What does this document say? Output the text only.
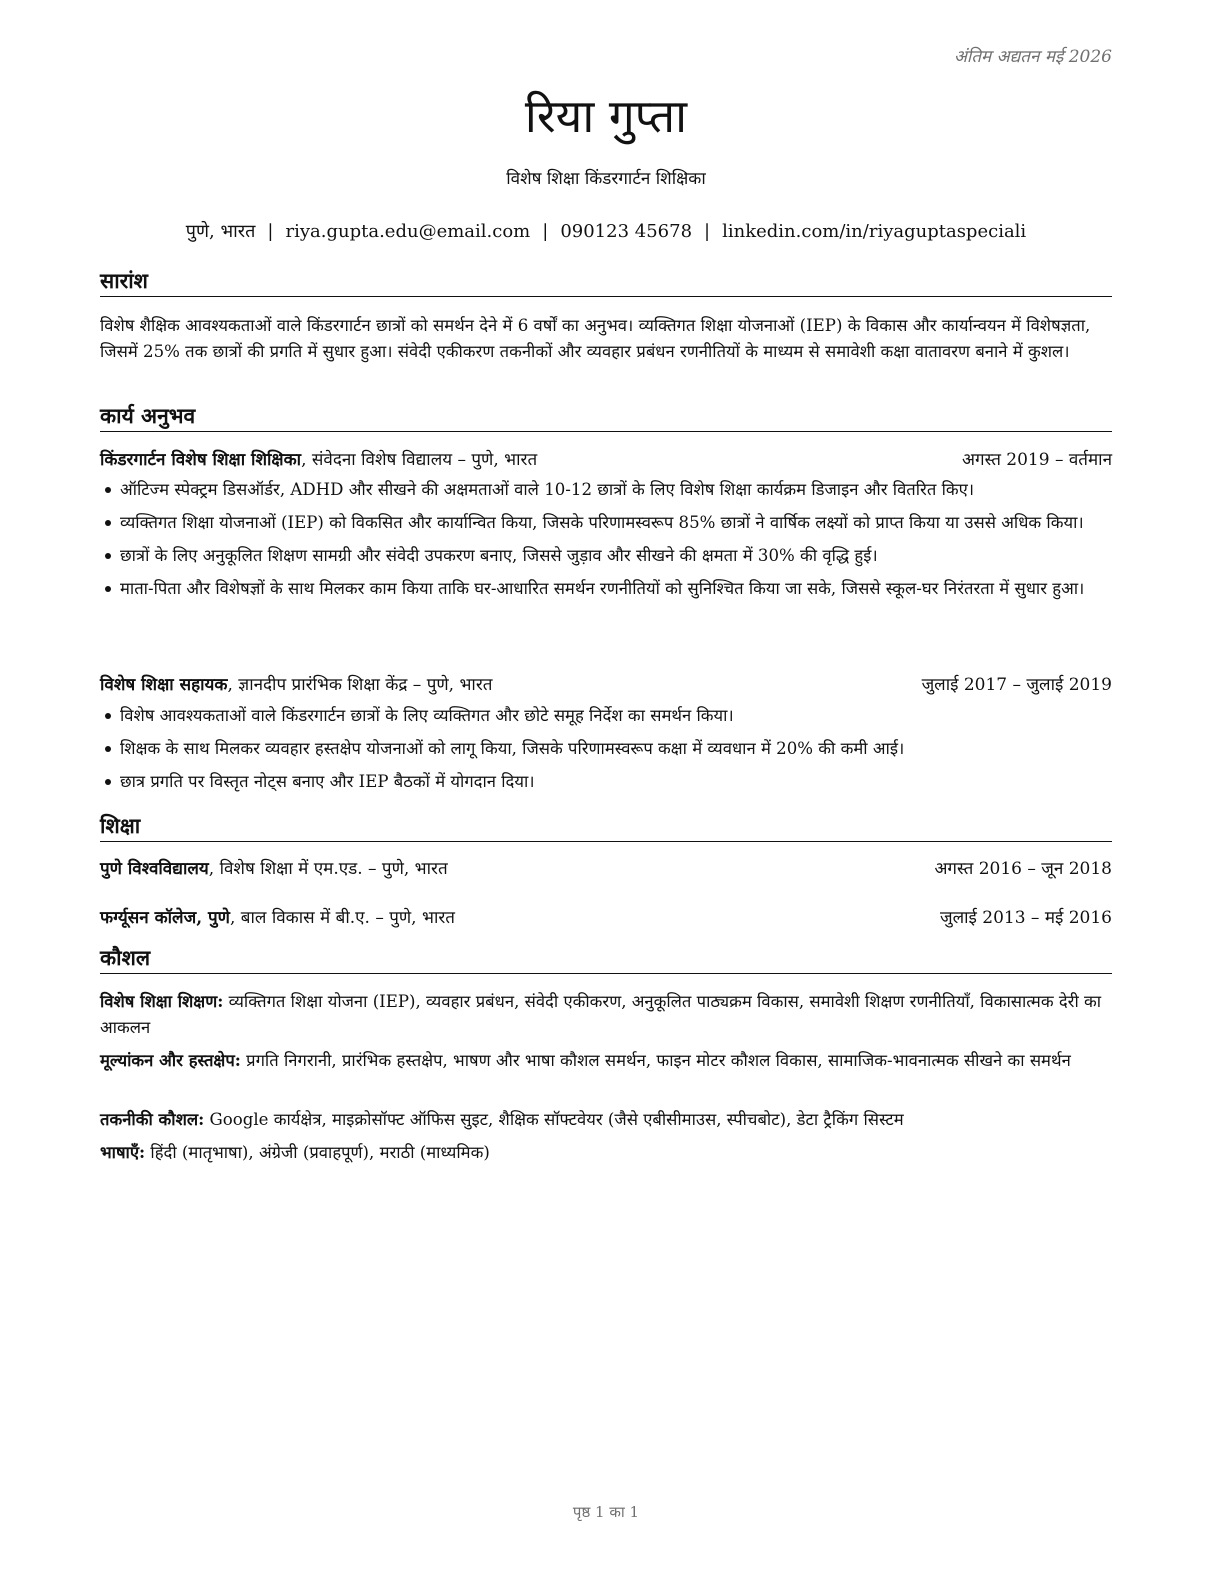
अंतिम अद्यतन मई 2026

रिया गुप्ता

विशेष शिक्षा किंडरगार्टन शिक्षिका

पुणे, भारत | riya.gupta.edu@email.com | 090123 45678 | linkedin.com/in/riyaguptaspeciali

सारांश

विशेष शैक्षिक आवश्यकताओं वाले किंडरगार्टन छात्रों को समर्थन देने में 6 वर्षों का अनुभव। व्यक्तिगत शिक्षा योजनाओं (IEP) के विकास और कार्यान्वयन में विशेषज्ञता, जिसमें 25% तक छात्रों की प्रगति में सुधार हुआ। संवेदी एकीकरण तकनीकों और व्यवहार प्रबंधन रणनीतियों के माध्यम से समावेशी कक्षा वातावरण बनाने में कुशल।

कार्य अनुभव
किंडरगार्टन विशेष शिक्षा शिक्षिका, संवेदना विशेष विद्यालय – पुणे, भारत	अगस्त 2019 – वर्तमान
ऑटिज्म स्पेक्ट्रम डिसऑर्डर, ADHD और सीखने की अक्षमताओं वाले 10-12 छात्रों के लिए विशेष शिक्षा कार्यक्रम डिजाइन और वितरित किए।
व्यक्तिगत शिक्षा योजनाओं (IEP) को विकसित और कार्यान्वित किया, जिसके परिणामस्वरूप 85% छात्रों ने वार्षिक लक्ष्यों को प्राप्त किया या उससे अधिक किया।
छात्रों के लिए अनुकूलित शिक्षण सामग्री और संवेदी उपकरण बनाए, जिससे जुड़ाव और सीखने की क्षमता में 30% की वृद्धि हुई।
माता-पिता और विशेषज्ञों के साथ मिलकर काम किया ताकि घर-आधारित समर्थन रणनीतियों को सुनिश्चित किया जा सके, जिससे स्कूल-घर निरंतरता में सुधार हुआ।
विशेष शिक्षा सहायक, ज्ञानदीप प्रारंभिक शिक्षा केंद्र – पुणे, भारत	जुलाई 2017 – जुलाई 2019
विशेष आवश्यकताओं वाले किंडरगार्टन छात्रों के लिए व्यक्तिगत और छोटे समूह निर्देश का समर्थन किया।
शिक्षक के साथ मिलकर व्यवहार हस्तक्षेप योजनाओं को लागू किया, जिसके परिणामस्वरूप कक्षा में व्यवधान में 20% की कमी आई।
छात्र प्रगति पर विस्तृत नोट्स बनाए और IEP बैठकों में योगदान दिया।
शिक्षा
पुणे विश्वविद्यालय, विशेष शिक्षा में एम.एड. – पुणे, भारत	अगस्त 2016 – जून 2018
फर्ग्यूसन कॉलेज, पुणे, बाल विकास में बी.ए. – पुणे, भारत	जुलाई 2013 – मई 2016
कौशल

विशेष शिक्षा शिक्षण: व्यक्तिगत शिक्षा योजना (IEP), व्यवहार प्रबंधन, संवेदी एकीकरण, अनुकूलित पाठ्यक्रम विकास, समावेशी शिक्षण रणनीतियाँ, विकासात्मक देरी का आकलन

मूल्यांकन और हस्तक्षेप: प्रगति निगरानी, प्रारंभिक हस्तक्षेप, भाषण और भाषा कौशल समर्थन, फाइन मोटर कौशल विकास, सामाजिक-भावनात्मक सीखने का समर्थन

तकनीकी कौशल: Google कार्यक्षेत्र, माइक्रोसॉफ्ट ऑफिस सुइट, शैक्षिक सॉफ्टवेयर (जैसे एबीसीमाउस, स्पीचबोट), डेटा ट्रैकिंग सिस्टम

भाषाएँ: हिंदी (मातृभाषा), अंग्रेजी (प्रवाहपूर्ण), मराठी (माध्यमिक)

पृष्ठ 1 का 1
